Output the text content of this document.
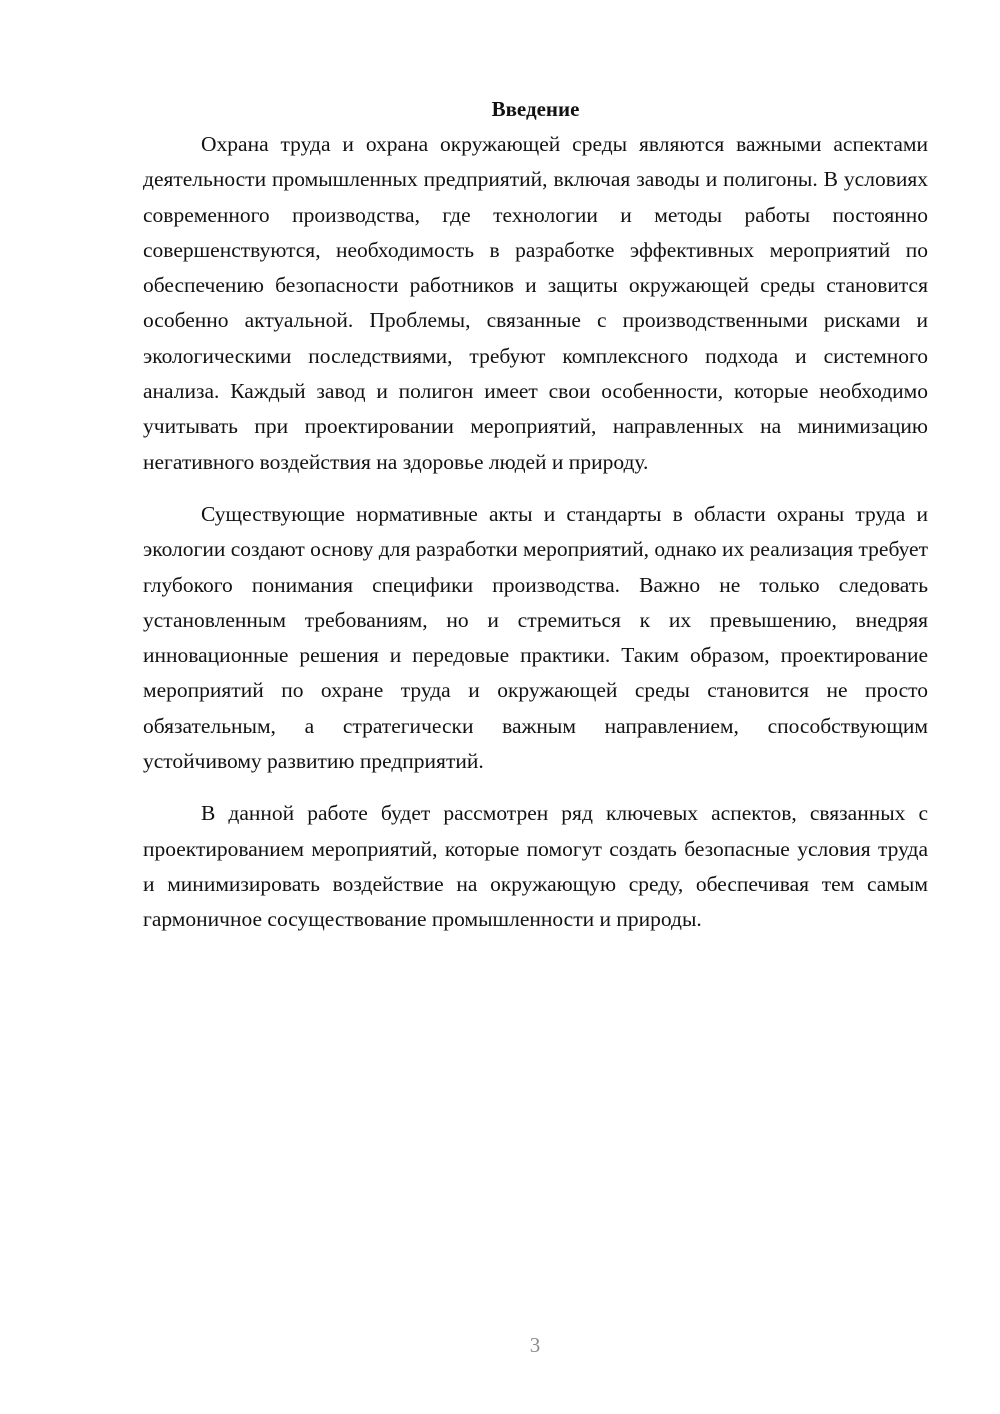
Введение

Охрана труда и охрана окружающей среды являются важными аспектами деятельности промышленных предприятий, включая заводы и полигоны. В условиях современного производства, где технологии и методы работы постоянно совершенствуются, необходимость в разработке эффективных мероприятий по обеспечению безопасности работников и защиты окружающей среды становится особенно актуальной. Проблемы, связанные с производственными рисками и экологическими последствиями, требуют комплексного подхода и системного анализа. Каждый завод и полигон имеет свои особенности, которые необходимо учитывать при проектировании мероприятий, направленных на минимизацию негативного воздействия на здоровье людей и природу.

Существующие нормативные акты и стандарты в области охраны труда и экологии создают основу для разработки мероприятий, однако их реализация требует глубокого понимания специфики производства. Важно не только следовать установленным требованиям, но и стремиться к их превышению, внедряя инновационные решения и передовые практики. Таким образом, проектирование мероприятий по охране труда и окружающей среды становится не просто обязательным, а стратегически важным направлением, способствующим устойчивому развитию предприятий.

В данной работе будет рассмотрен ряд ключевых аспектов, связанных с проектированием мероприятий, которые помогут создать безопасные условия труда и минимизировать воздействие на окружающую среду, обеспечивая тем самым гармоничное сосуществование промышленности и природы.

3
